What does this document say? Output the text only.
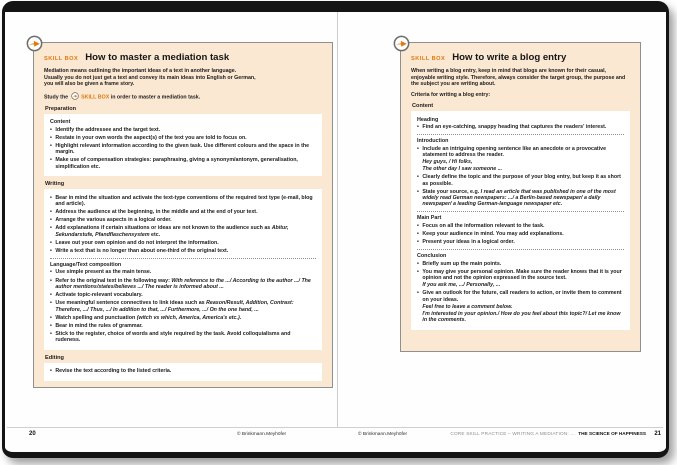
SKILL BOX How to master a mediation task

Mediation means outlining the important ideas of a text in another language. Usually you do not just get a text and convey its main ideas into English or German, you will also be given a frame story.

Study the
SKILL BOX in order to master a mediation task.

Preparation
Content
• Identify the addressee and the target text.
• Restate in your own words the aspect(s) of the text you are told to focus on.
• Highlight relevant information according to the given task. Use different colours and the space in the margin.
• Make use of compensation strategies: paraphrasing, giving a synonym/antonym, generalisation, simplification etc.
Writing
• Bear in mind the situation and activate the text-type conventions of the required text type (e-mail, blog and article).
• Address the audience at the beginning, in the middle and at the end of your text.
• Arrange the various aspects in a logical order.
• Add explanations if certain situations or ideas are not known to the audience such as Abitur, Sekundarstufe, Pfandflaschensystem etc.
• Leave out your own opinion and do not interpret the information.
• Write a text that is no longer than about one-third of the original text.
Language/Text composition
• Use simple present as the main tense.
• Refer to the original text in the following way: With reference to the .../ According to the author .../ The author mentions/states/believes .../ The reader is informed about ...
• Activate topic-relevant vocabulary.
• Use meaningful sentence connectives to link ideas such as Reason/Result, Addition, Contrast: Therefore, .../ Thus, .../ In addition to that, .../ Furthermore, .../ On the one hand, ...
• Watch spelling and punctuation (witch vs which, America, America's etc.).
• Bear in mind the rules of grammar.
• Stick to the register, choice of words and style required by the task. Avoid colloquialisms and rudeness.
Editing
• Revise the text according to the listed criteria.
SKILL BOX How to write a blog entry

When writing a blog entry, keep in mind that blogs are known for their casual, enjoyable writing style. Therefore, always consider the target group, the purpose and the subject you are writing about.

Criteria for writing a blog entry:

Content
Heading
• Find an eye-catching, snappy heading that captures the readers' interest.
Introduction
• Include an intriguing opening sentence like an anecdote or a provocative statement to address the reader.
Hey guys, / Hi folks,
The other day I saw someone ...
• Clearly define the topic and the purpose of your blog entry, but keep it as short as possible.
• State your source, e.g. I read an article that was published in one of the most widely read German newspapers: .../ a Berlin-based newspaper/ a daily newspaper/ a leading German-language newspaper etc.
Main Part
• Focus on all the information relevant to the task.
• Keep your audience in mind. You may add explanations.
• Present your ideas in a logical order.
Conclusion
• Briefly sum up the main points.
• You may give your personal opinion. Make sure the reader knows that it is your opinion and not the opinion expressed in the source text.
If you ask me, .../ Personally, ...
• Give an outlook for the future, call readers to action, or invite them to comment on your ideas.
Feel free to leave a comment below.
I'm interested in your opinion./ How do you feel about this topic?/ Let me know in the comments.
20	© Brinkmann.Meyhöfer	© Brinkmann.Meyhöfer	CORE SKILL PRACTICE – WRITING A MEDIATION: ... THE SCIENCE OF HAPPINESS 21
